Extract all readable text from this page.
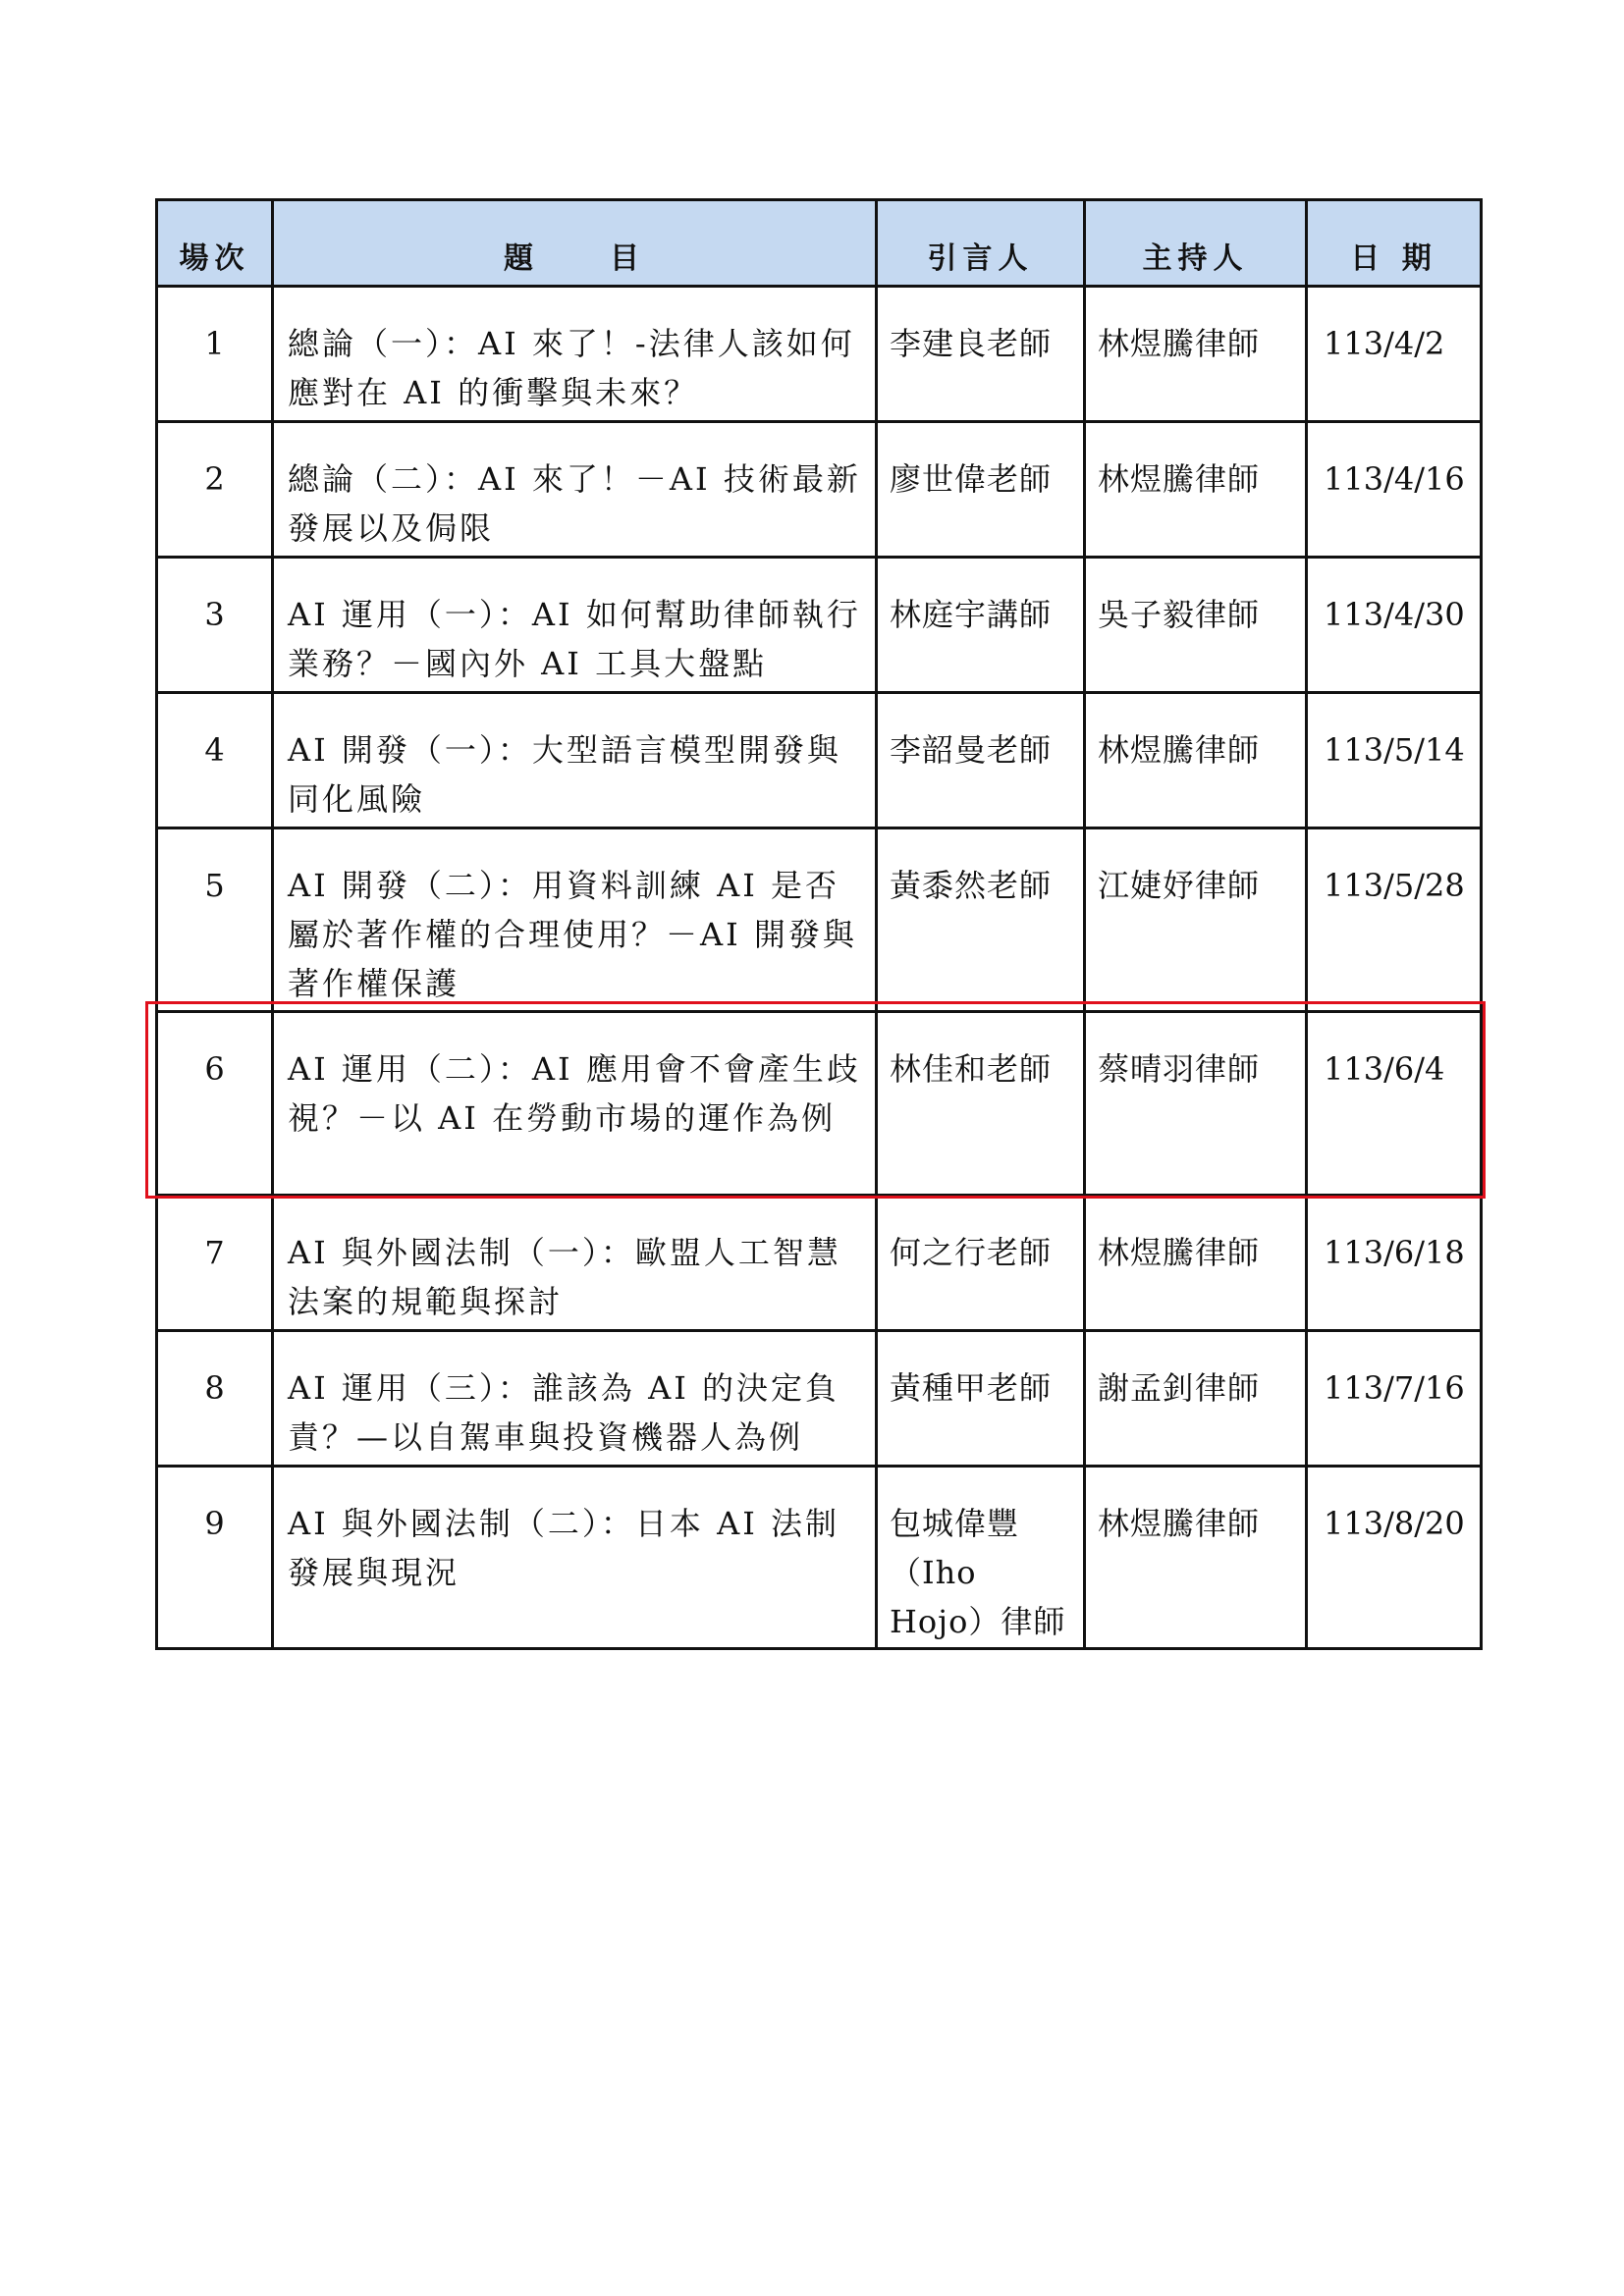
場次	題　　目	引言人	主持人	日 期
1	總論（一）：AI 來了！-法律人該如何應對在 AI 的衝擊與未來？	李建良老師	林煜騰律師	113/4/2
2	總論（二）：AI 來了！－AI 技術最新發展以及侷限	廖世偉老師	林煜騰律師	113/4/16
3	AI 運用（一）：AI 如何幫助律師執行業務？－國內外 AI 工具大盤點	林庭宇講師	吳子毅律師	113/4/30
4	AI 開發（一）：大型語言模型開發與同化風險	李韶曼老師	林煜騰律師	113/5/14
5	AI 開發（二）：用資料訓練 AI 是否屬於著作權的合理使用？－AI 開發與著作權保護	黃黍然老師	江婕妤律師	113/5/28
6	AI 運用（二）：AI 應用會不會產生歧視？－以 AI 在勞動市場的運作為例	林佳和老師	蔡晴羽律師	113/6/4
7	AI 與外國法制（一）：歐盟人工智慧法案的規範與探討	何之行老師	林煜騰律師	113/6/18
8	AI 運用（三）：誰該為 AI 的決定負責？—以自駕車與投資機器人為例	黃種甲老師	謝孟釗律師	113/7/16
9	AI 與外國法制（二）：日本 AI 法制發展與現況	包城偉豐（Iho Hojo）律師	林煜騰律師	113/8/20
